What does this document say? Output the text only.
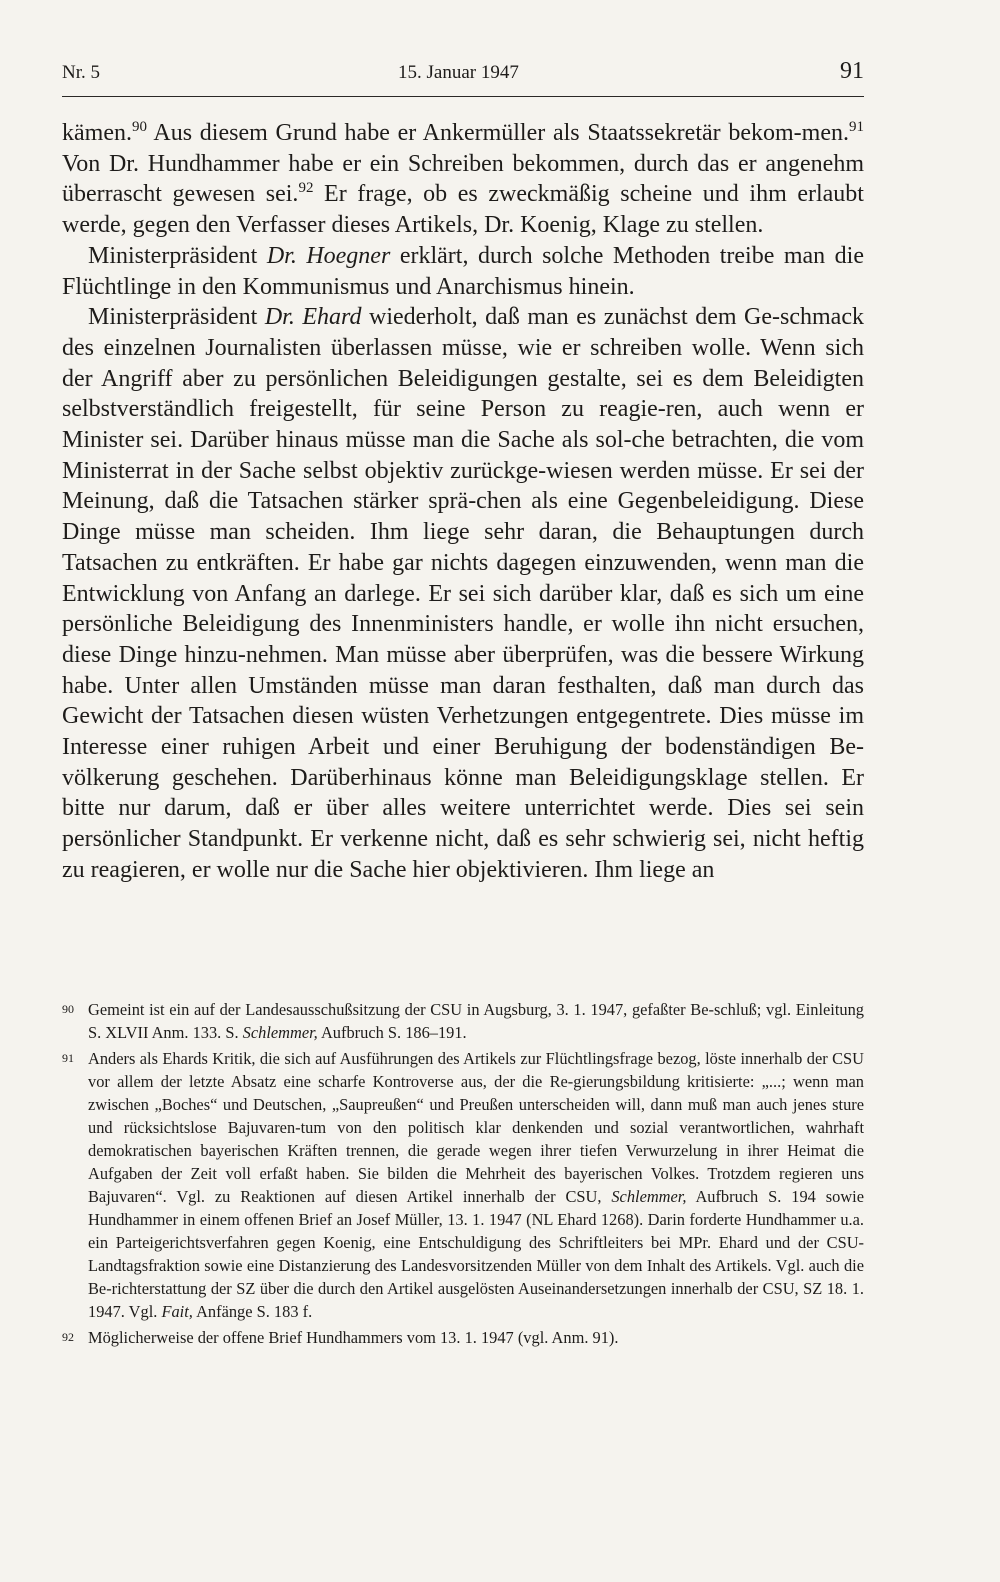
Nr. 5	15. Januar 1947	91

kämen.$^{90}$ Aus diesem Grund habe er Ankermüller als Staatssekretär bekom-men.$^{91}$ Von Dr. Hundhammer habe er ein Schreiben bekommen, durch das er angenehm überrascht gewesen sei.$^{92}$ Er frage, ob es zweckmäßig scheine und ihm erlaubt werde, gegen den Verfasser dieses Artikels, Dr. Koenig, Klage zu stellen.

Ministerpräsident Dr. Hoegner erklärt, durch solche Methoden treibe man die Flüchtlinge in den Kommunismus und Anarchismus hinein.

Ministerpräsident Dr. Ehard wiederholt, daß man es zunächst dem Ge-schmack des einzelnen Journalisten überlassen müsse, wie er schreiben wolle. Wenn sich der Angriff aber zu persönlichen Beleidigungen gestalte, sei es dem Beleidigten selbstverständlich freigestellt, für seine Person zu reagie-ren, auch wenn er Minister sei. Darüber hinaus müsse man die Sache als sol-che betrachten, die vom Ministerrat in der Sache selbst objektiv zurückge-wiesen werden müsse. Er sei der Meinung, daß die Tatsachen stärker sprä-chen als eine Gegenbeleidigung. Diese Dinge müsse man scheiden. Ihm liege sehr daran, die Behauptungen durch Tatsachen zu entkräften. Er habe gar nichts dagegen einzuwenden, wenn man die Entwicklung von Anfang an darlege. Er sei sich darüber klar, daß es sich um eine persönliche Beleidigung des Innenministers handle, er wolle ihn nicht ersuchen, diese Dinge hinzu-nehmen. Man müsse aber überprüfen, was die bessere Wirkung habe. Unter allen Umständen müsse man daran festhalten, daß man durch das Gewicht der Tatsachen diesen wüsten Verhetzungen entgegentrete. Dies müsse im Interesse einer ruhigen Arbeit und einer Beruhigung der bodenständigen Be-völkerung geschehen. Darüberhinaus könne man Beleidigungsklage stellen. Er bitte nur darum, daß er über alles weitere unterrichtet werde. Dies sei sein persönlicher Standpunkt. Er verkenne nicht, daß es sehr schwierig sei, nicht heftig zu reagieren, er wolle nur die Sache hier objektivieren. Ihm liege an

90 Gemeint ist ein auf der Landesausschußsitzung der CSU in Augsburg, 3. 1. 1947, gefaßter Be-schluß; vgl. Einleitung S. XLVII Anm. 133. S. Schlemmer, Aufbruch S. 186–191.
91 Anders als Ehards Kritik, die sich auf Ausführungen des Artikels zur Flüchtlingsfrage bezog, löste innerhalb der CSU vor allem der letzte Absatz eine scharfe Kontroverse aus, der die Re-gierungsbildung kritisierte: „...; wenn man zwischen „Boches“ und Deutschen, „Saupreußen“ und Preußen unterscheiden will, dann muß man auch jenes sture und rücksichtslose Bajuvaren-tum von den politisch klar denkenden und sozial verantwortlichen, wahrhaft demokratischen bayerischen Kräften trennen, die gerade wegen ihrer tiefen Verwurzelung in ihrer Heimat die Aufgaben der Zeit voll erfaßt haben. Sie bilden die Mehrheit des bayerischen Volkes. Trotzdem regieren uns Bajuvaren“. Vgl. zu Reaktionen auf diesen Artikel innerhalb der CSU, Schlemmer, Aufbruch S. 194 sowie Hundhammer in einem offenen Brief an Josef Müller, 13. 1. 1947 (NL Ehard 1268). Darin forderte Hundhammer u.a. ein Parteigerichtsverfahren gegen Koenig, eine Entschuldigung des Schriftleiters bei MPr. Ehard und der CSU-Landtagsfraktion sowie eine Distanzierung des Landesvorsitzenden Müller von dem Inhalt des Artikels. Vgl. auch die Be-richterstattung der SZ über die durch den Artikel ausgelösten Auseinandersetzungen innerhalb der CSU, SZ 18. 1. 1947. Vgl. Fait, Anfänge S. 183 f.
92 Möglicherweise der offene Brief Hundhammers vom 13. 1. 1947 (vgl. Anm. 91).
